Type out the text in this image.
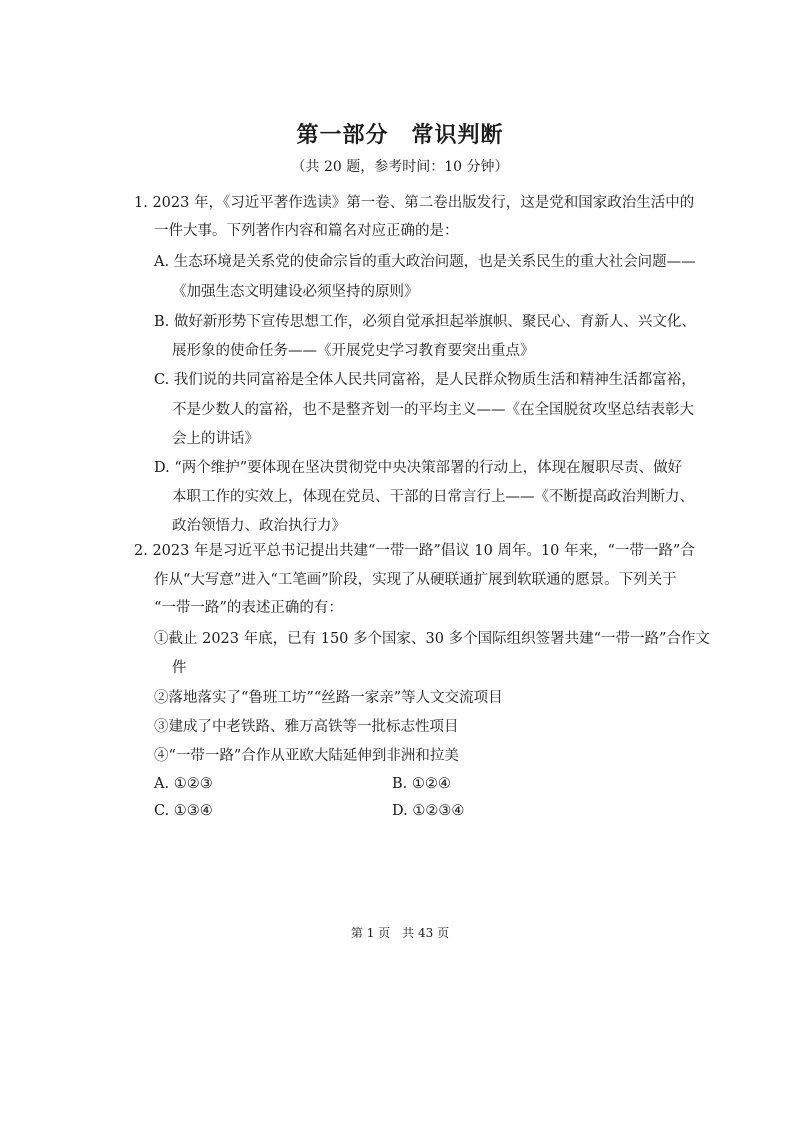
第一部分　常识判断
（共 20 题，参考时间：10 分钟）
1. 2023 年，《习近平著作选读》第一卷、第二卷出版发行，这是党和国家政治生活中的
一件大事。下列著作内容和篇名对应正确的是：
A. 生态环境是关系党的使命宗旨的重大政治问题，也是关系民生的重大社会问题——
《加强生态文明建设必须坚持的原则》
B. 做好新形势下宣传思想工作，必须自觉承担起举旗帜、聚民心、育新人、兴文化、
展形象的使命任务——《开展党史学习教育要突出重点》
C. 我们说的共同富裕是全体人民共同富裕，是人民群众物质生活和精神生活都富裕，
不是少数人的富裕，也不是整齐划一的平均主义——《在全国脱贫攻坚总结表彰大
会上的讲话》
D. “两个维护”要体现在坚决贯彻党中央决策部署的行动上，体现在履职尽责、做好
本职工作的实效上，体现在党员、干部的日常言行上——《不断提高政治判断力、
政治领悟力、政治执行力》
2. 2023 年是习近平总书记提出共建“一带一路”倡议 10 周年。10 年来，“一带一路”合
作从“大写意”进入“工笔画”阶段，实现了从硬联通扩展到软联通的愿景。下列关于
“一带一路”的表述正确的有：
①截止 2023 年底，已有 150 多个国家、30 多个国际组织签署共建“一带一路”合作文
件
②落地落实了“鲁班工坊”“丝路一家亲”等人文交流项目
③建成了中老铁路、雅万高铁等一批标志性项目
④“一带一路”合作从亚欧大陆延伸到非洲和拉美
A. ①②③	B. ①②④
C. ①③④	D. ①②③④
第 1 页　共 43 页
